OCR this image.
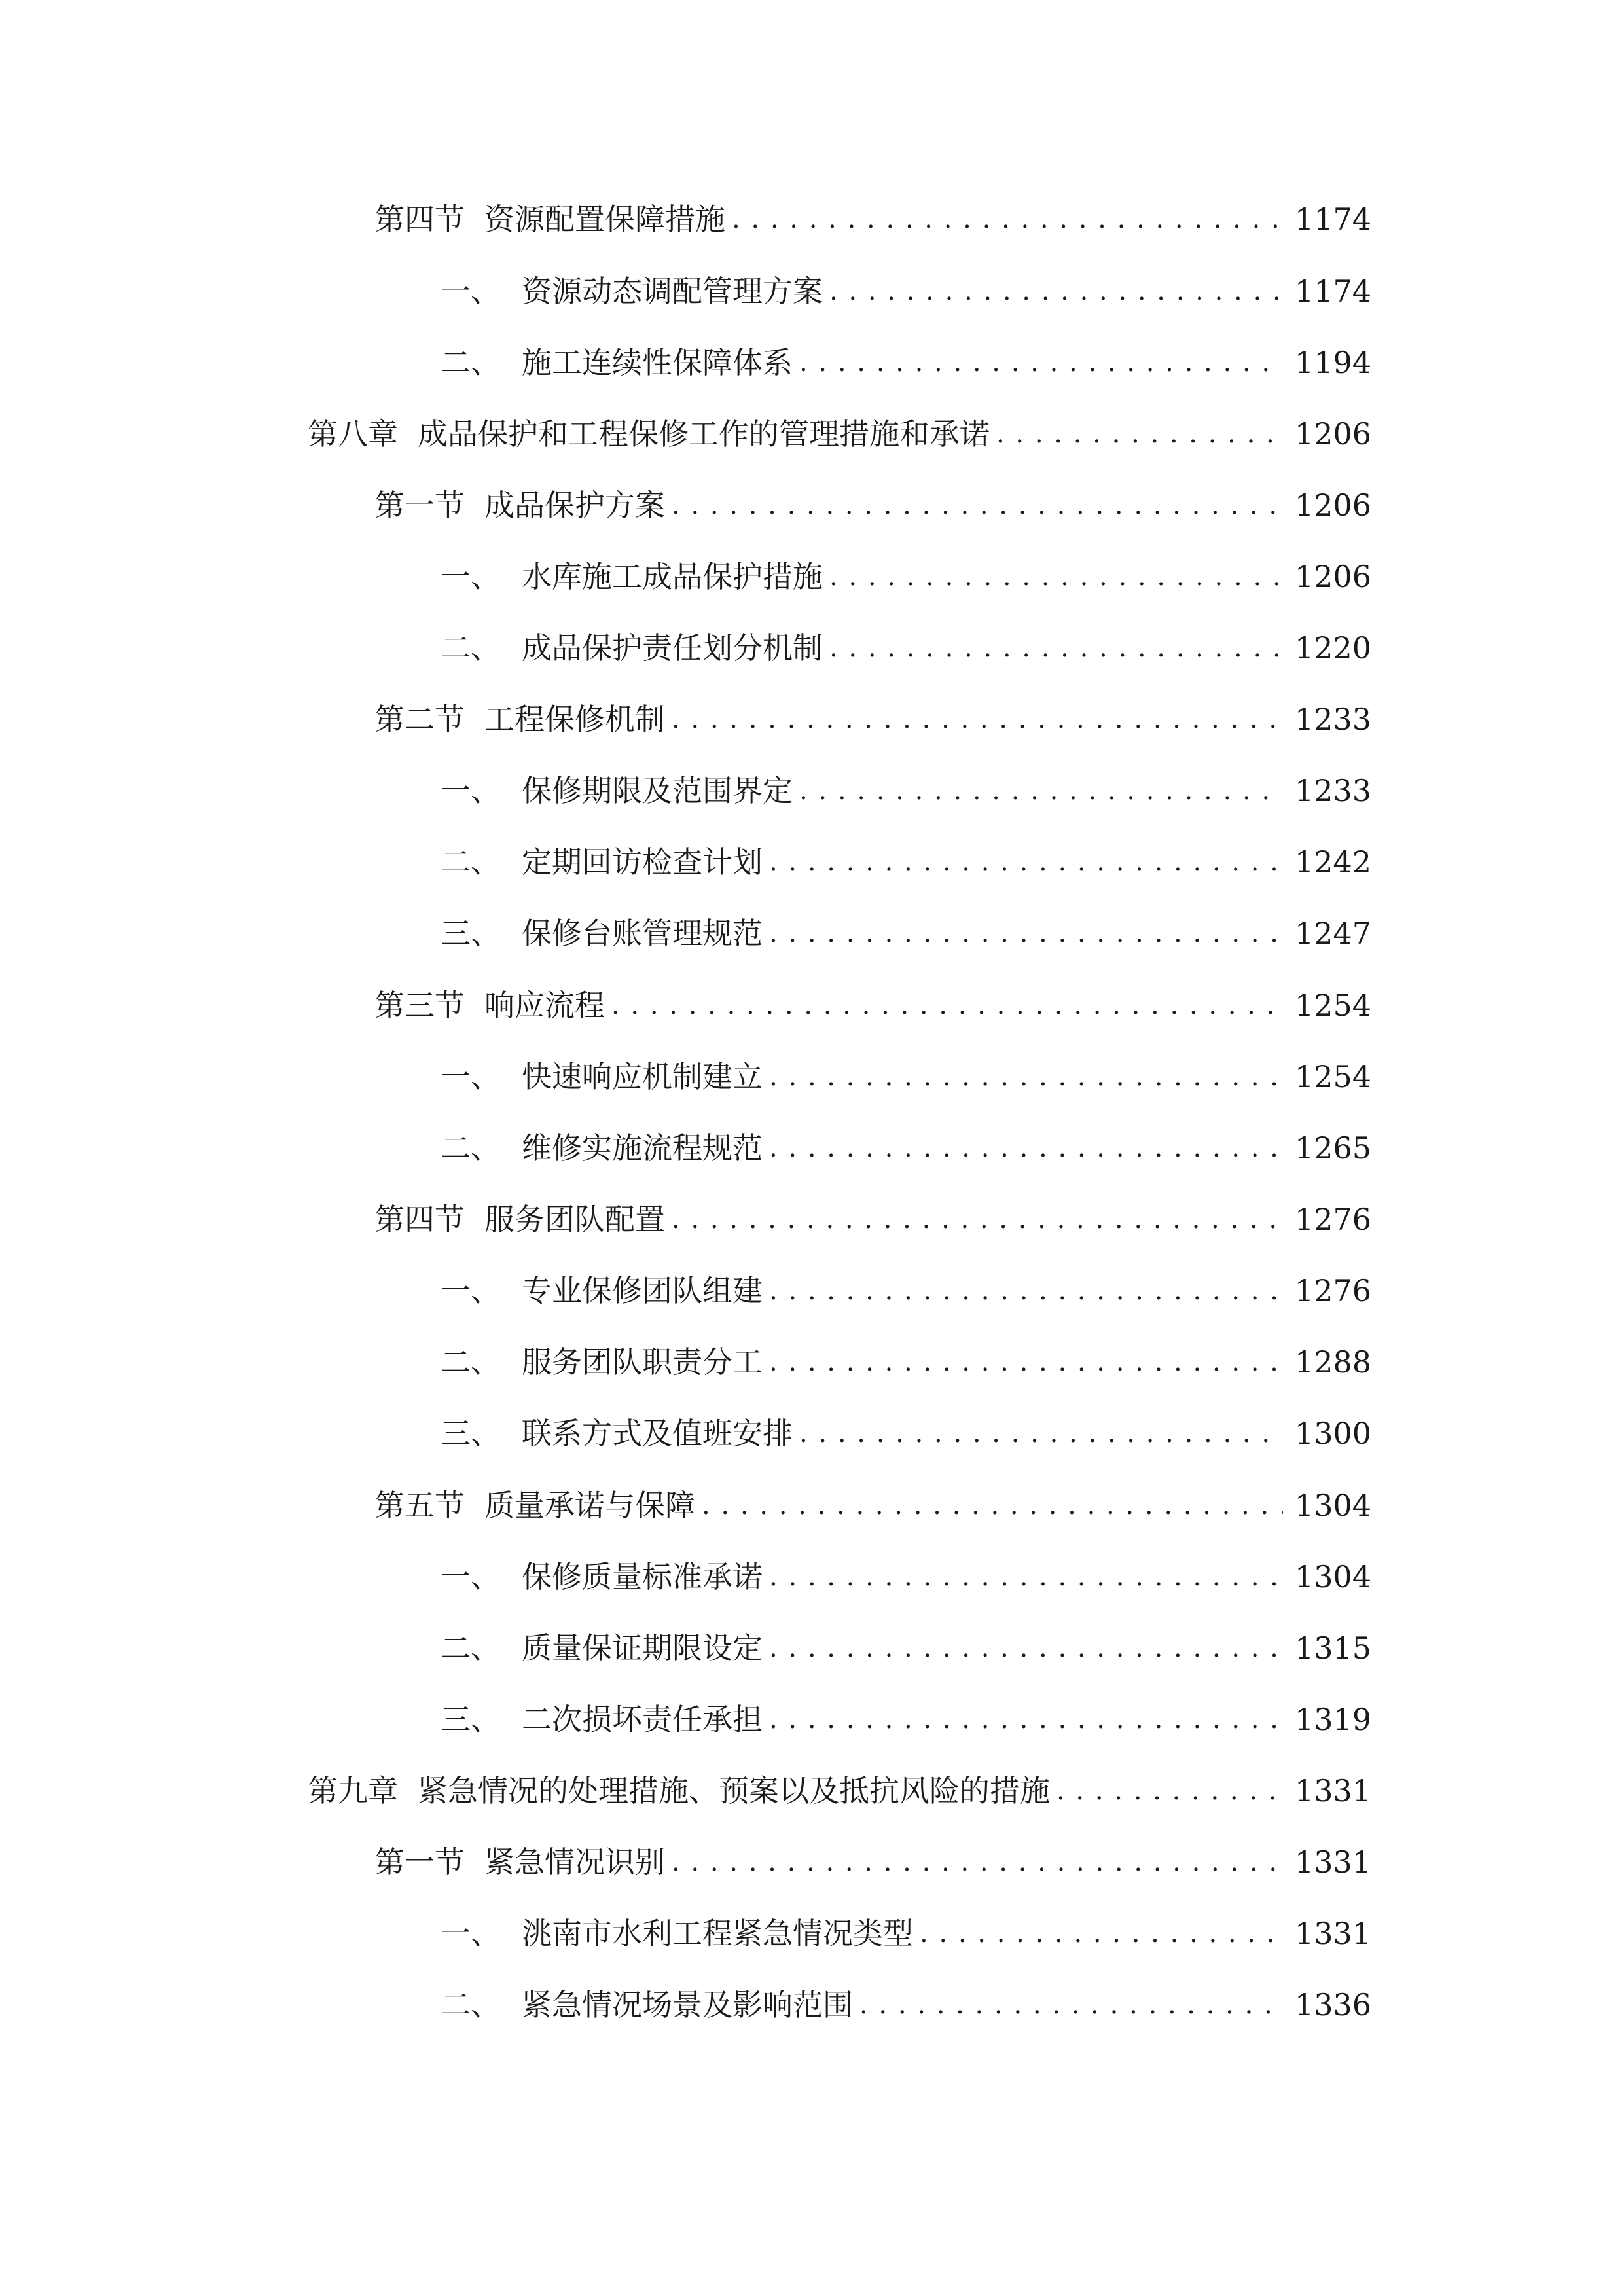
第四节 资源配置保障措施 . . .	1174
一、 资源动态调配管理方案 . . .	1174
二、 施工连续性保障体系 . . .	1194
第八章 成品保护和工程保修工作的管理措施和承诺 . . .	1206
第一节 成品保护方案 . . .	1206
一、 水库施工成品保护措施 . . .	1206
二、 成品保护责任划分机制 . . .	1220
第二节 工程保修机制 . . .	1233
一、 保修期限及范围界定 . . .	1233
二、 定期回访检查计划 . . .	1242
三、 保修台账管理规范 . . .	1247
第三节 响应流程 . . .	1254
一、 快速响应机制建立 . . .	1254
二、 维修实施流程规范 . . .	1265
第四节 服务团队配置 . . .	1276
一、 专业保修团队组建 . . .	1276
二、 服务团队职责分工 . . .	1288
三、 联系方式及值班安排 . . .	1300
第五节 质量承诺与保障 . . .	1304
一、 保修质量标准承诺 . . .	1304
二、 质量保证期限设定 . . .	1315
三、 二次损坏责任承担 . . .	1319
第九章 紧急情况的处理措施、预案以及抵抗风险的措施 . . .	1331
第一节 紧急情况识别 . . .	1331
一、 洮南市水利工程紧急情况类型 . . .	1331
二、 紧急情况场景及影响范围 . . .	1336
